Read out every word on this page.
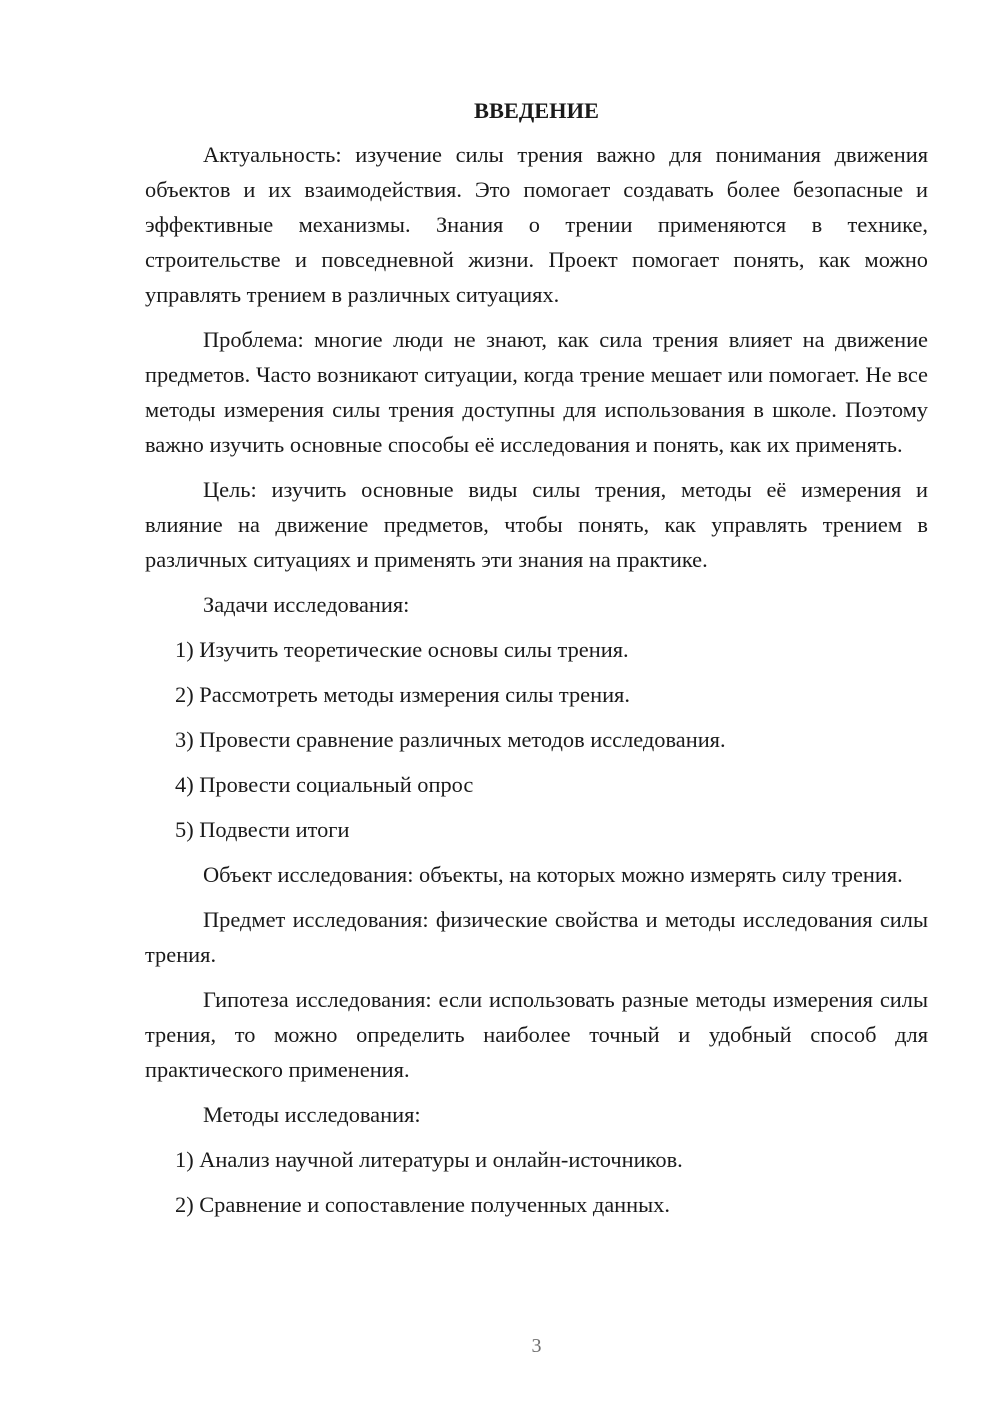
ВВЕДЕНИЕ

Актуальность: изучение силы трения важно для понимания движения объектов и их взаимодействия. Это помогает создавать более безопасные и эффективные механизмы. Знания о трении применяются в технике, строительстве и повседневной жизни. Проект помогает понять, как можно управлять трением в различных ситуациях.

Проблема: многие люди не знают, как сила трения влияет на движение предметов. Часто возникают ситуации, когда трение мешает или помогает. Не все методы измерения силы трения доступны для использования в школе. Поэтому важно изучить основные способы её исследования и понять, как их применять.

Цель: изучить основные виды силы трения, методы её измерения и влияние на движение предметов, чтобы понять, как управлять трением в различных ситуациях и применять эти знания на практике.

Задачи исследования:
1) Изучить теоретические основы силы трения.
2) Рассмотреть методы измерения силы трения.
3) Провести сравнение различных методов исследования.
4) Провести социальный опрос
5) Подвести итоги

Объект исследования: объекты, на которых можно измерять силу трения.

Предмет исследования: физические свойства и методы исследования силы трения.

Гипотеза исследования: если использовать разные методы измерения силы трения, то можно определить наиболее точный и удобный способ для практического применения.

Методы исследования:
1) Анализ научной литературы и онлайн-источников.
2) Сравнение и сопоставление полученных данных.
3
